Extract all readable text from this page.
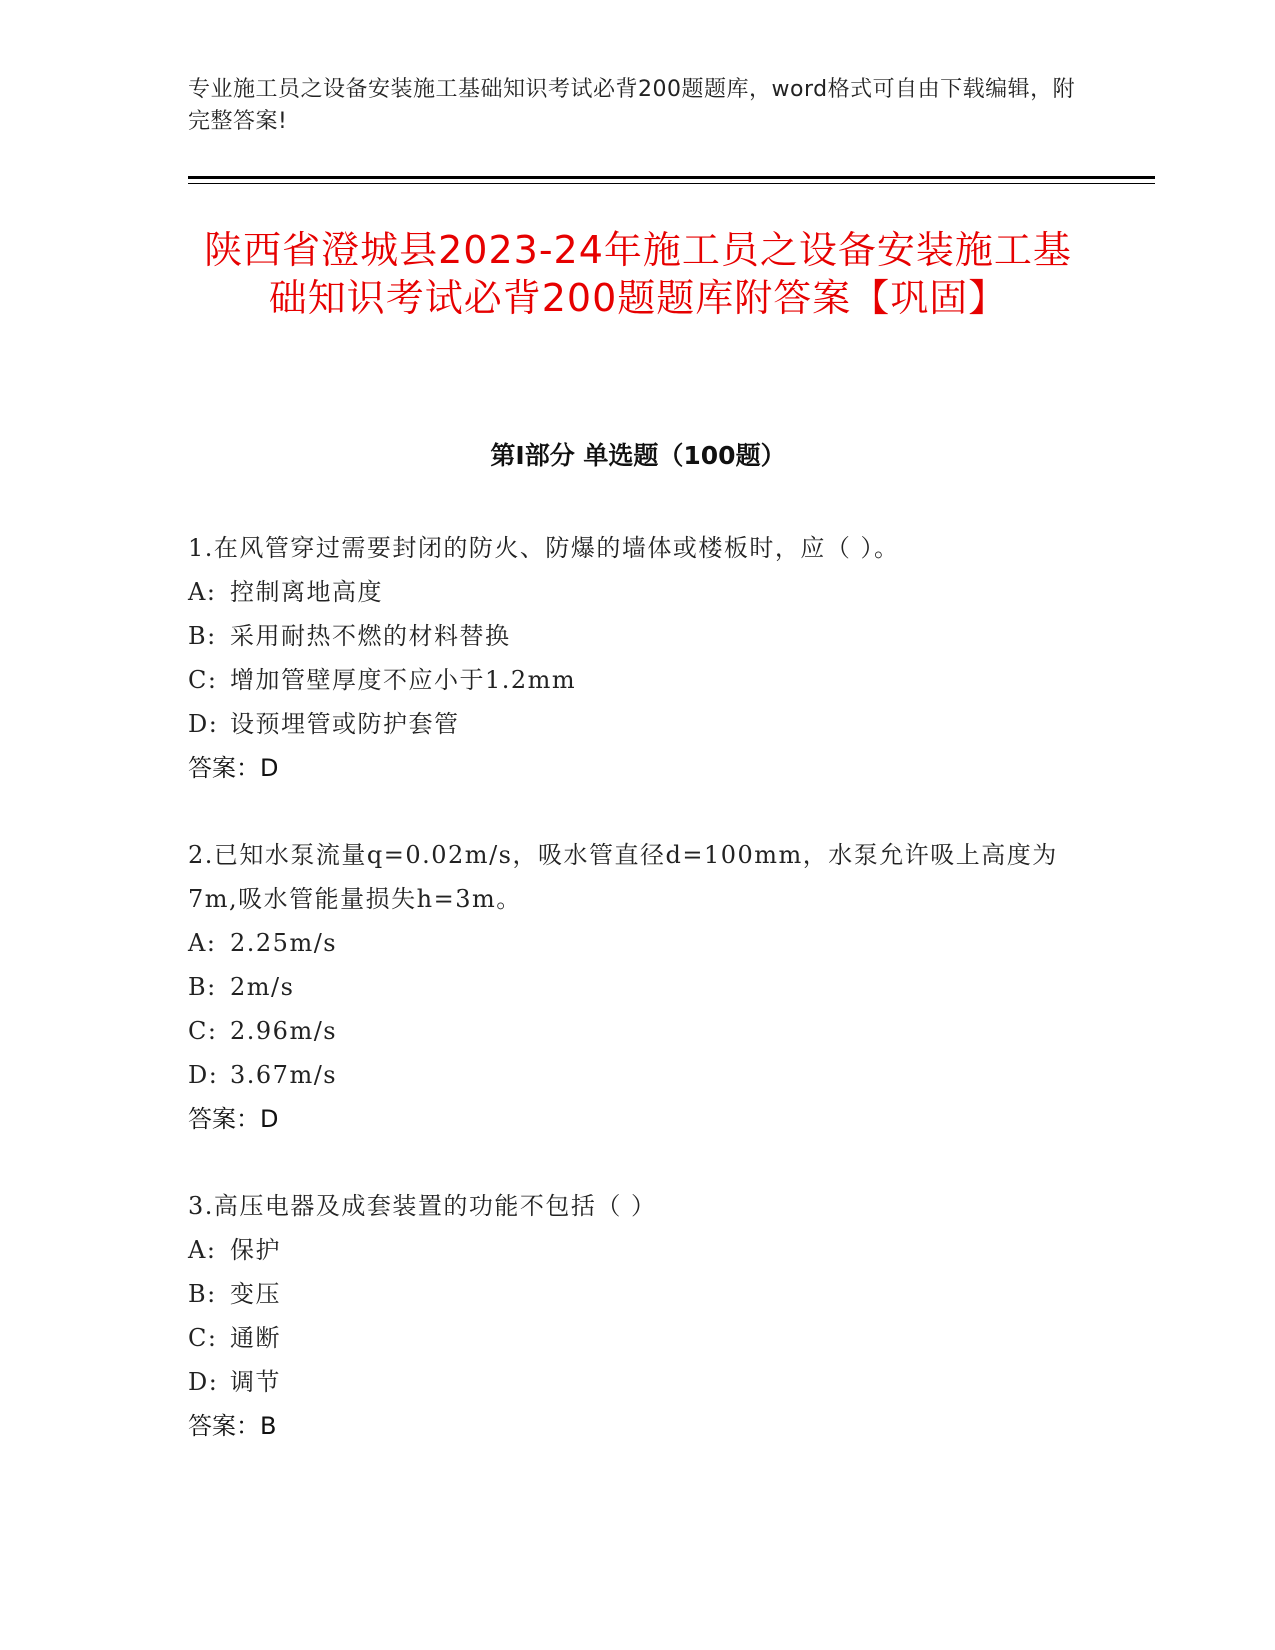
专业施工员之设备安装施工基础知识考试必背200题题库，word格式可自由下载编辑，附完整答案!
陕西省澄城县2023-24年施工员之设备安装施工基础知识考试必背200题题库附答案【巩固】
第I部分 单选题（100题）
1.在风管穿过需要封闭的防火、防爆的墙体或楼板时，应（ ）。
A: 控制离地高度
B: 采用耐热不燃的材料替换
C: 增加管壁厚度不应小于1.2mm
D: 设预埋管或防护套管
答案：D
2.已知水泵流量q=0.02m/s，吸水管直径d=100mm，水泵允许吸上高度为7m,吸水管能量损失h=3m。
A: 2.25m/s
B: 2m/s
C: 2.96m/s
D: 3.67m/s
答案：D
3.高压电器及成套装置的功能不包括（ ）
A: 保护
B: 变压
C: 通断
D: 调节
答案：B
